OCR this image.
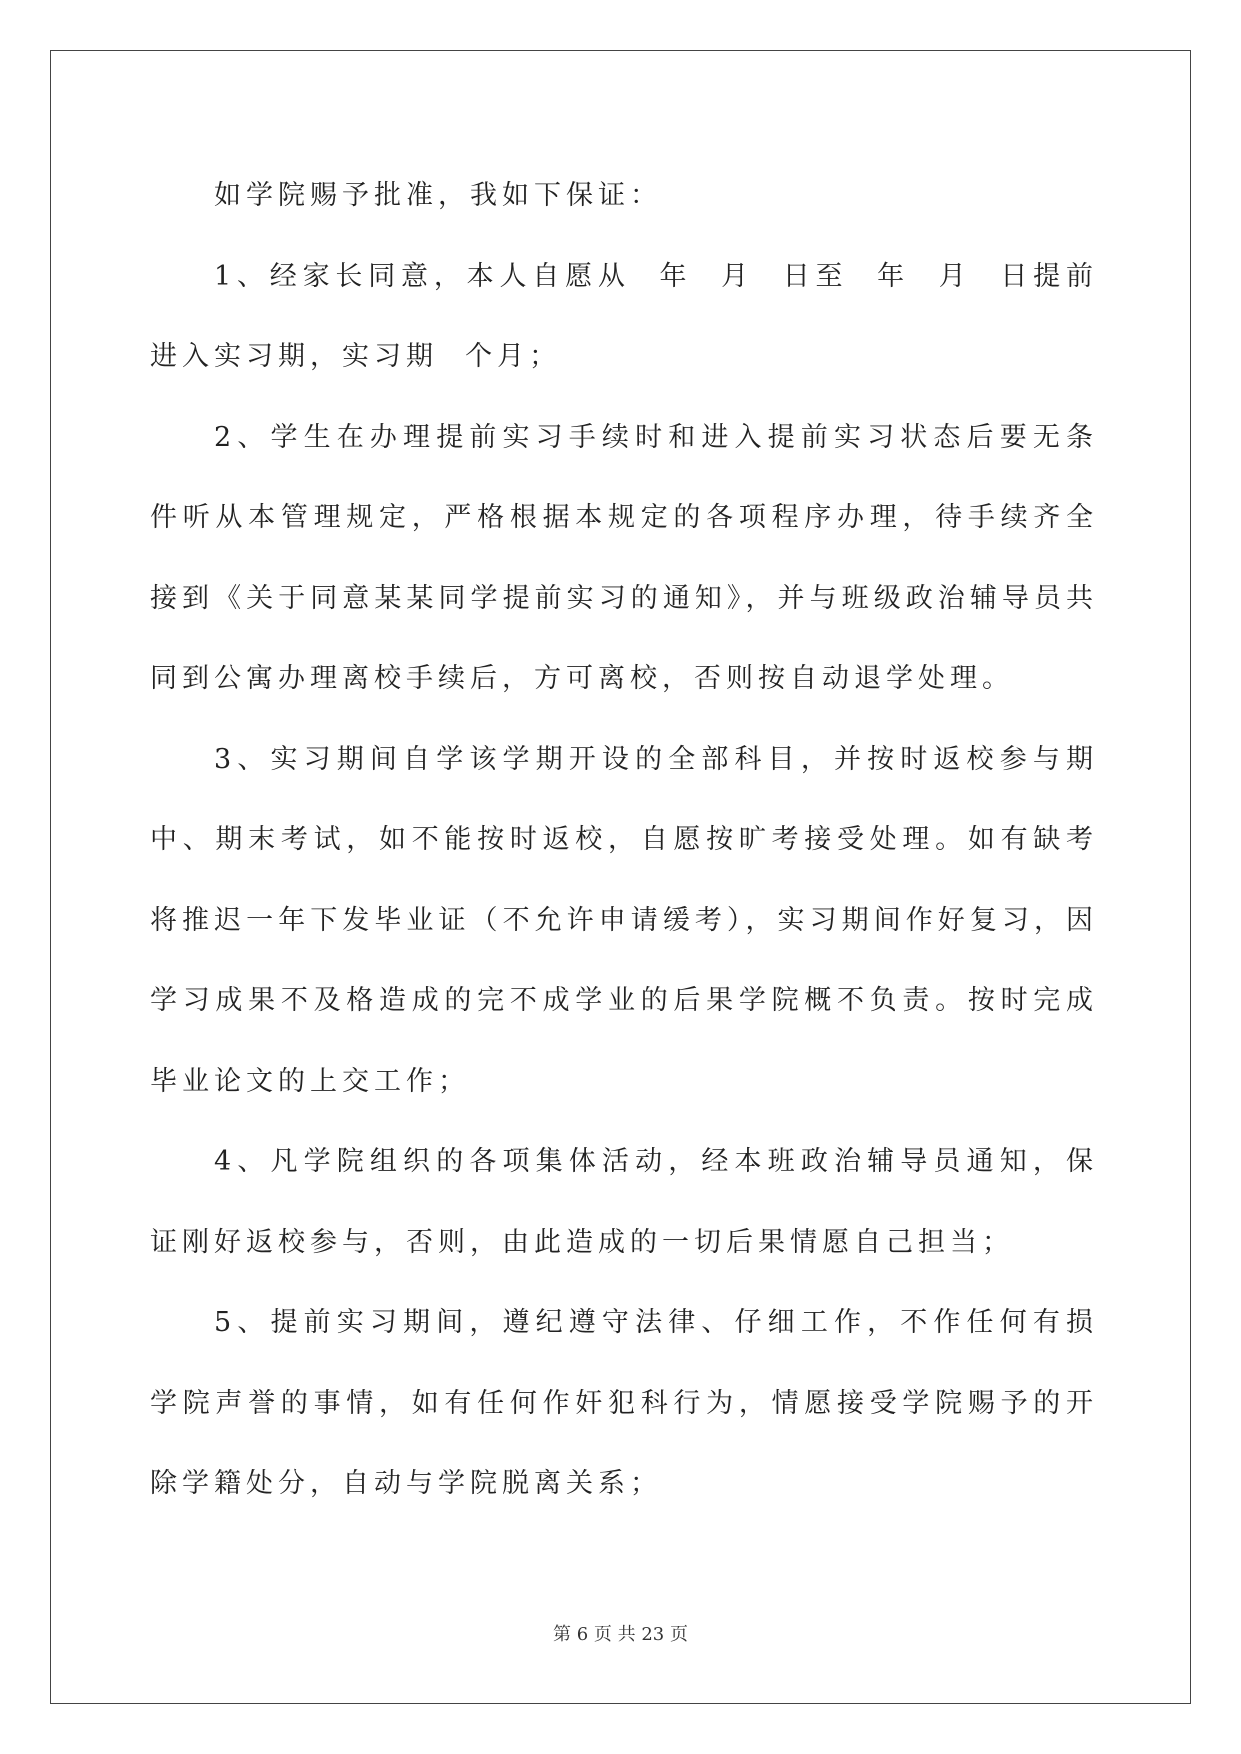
如学院赐予批准，我如下保证：

1、经家长同意，本人自愿从  年  月  日至  年  月  日提前进入实习期，实习期  个月；

2、学生在办理提前实习手续时和进入提前实习状态后要无条件听从本管理规定，严格根据本规定的各项程序办理，待手续齐全接到《关于同意某某同学提前实习的通知》，并与班级政治辅导员共同到公寓办理离校手续后，方可离校，否则按自动退学处理。

3、实习期间自学该学期开设的全部科目，并按时返校参与期中、期末考试，如不能按时返校，自愿按旷考接受处理。如有缺考将推迟一年下发毕业证（不允许申请缓考），实习期间作好复习，因学习成果不及格造成的完不成学业的后果学院概不负责。按时完成毕业论文的上交工作；

4、凡学院组织的各项集体活动，经本班政治辅导员通知，保证刚好返校参与，否则，由此造成的一切后果情愿自己担当；

5、提前实习期间，遵纪遵守法律、仔细工作，不作任何有损学院声誉的事情，如有任何作奸犯科行为，情愿接受学院赐予的开除学籍处分，自动与学院脱离关系；

第 6 页 共 23 页
